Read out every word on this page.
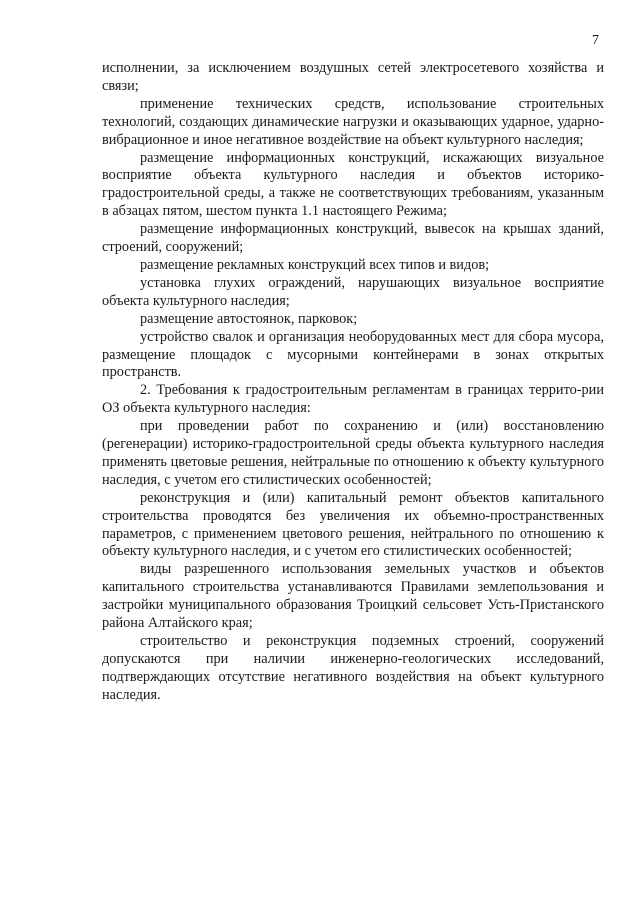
7

исполнении, за исключением воздушных сетей электросетевого хозяйства и связи;

применение технических средств, использование строительных технологий, создающих динамические нагрузки и оказывающих ударное, ударно-вибрационное и иное негативное воздействие на объект культурного наследия;

размещение информационных конструкций, искажающих визуальное восприятие объекта культурного наследия и объектов историко-градостроительной среды, а также не соответствующих требованиям, указанным в абзацах пятом, шестом пункта 1.1 настоящего Режима;

размещение информационных конструкций, вывесок на крышах зданий, строений, сооружений;

размещение рекламных конструкций всех типов и видов;

установка глухих ограждений, нарушающих визуальное восприятие объекта культурного наследия;

размещение автостоянок, парковок;

устройство свалок и организация необорудованных мест для сбора мусора, размещение площадок с мусорными контейнерами в зонах открытых пространств.

2. Требования к градостроительным регламентам в границах террито-рии ОЗ объекта культурного наследия:

при проведении работ по сохранению и (или) восстановлению (регенерации) историко-градостроительной среды объекта культурного наследия применять цветовые решения, нейтральные по отношению к объекту культурного наследия, с учетом его стилистических особенностей;

реконструкция и (или) капитальный ремонт объектов капитального строительства проводятся без увеличения их объемно-пространственных параметров, с применением цветового решения, нейтрального по отношению к объекту культурного наследия, и с учетом его стилистических особенностей;

виды разрешенного использования земельных участков и объектов капитального строительства устанавливаются Правилами землепользования и застройки муниципального образования Троицкий сельсовет Усть-Пристанского района Алтайского края;

строительство и реконструкция подземных строений, сооружений допускаются при наличии инженерно-геологических исследований, подтверждающих отсутствие негативного воздействия на объект культурного наследия.
